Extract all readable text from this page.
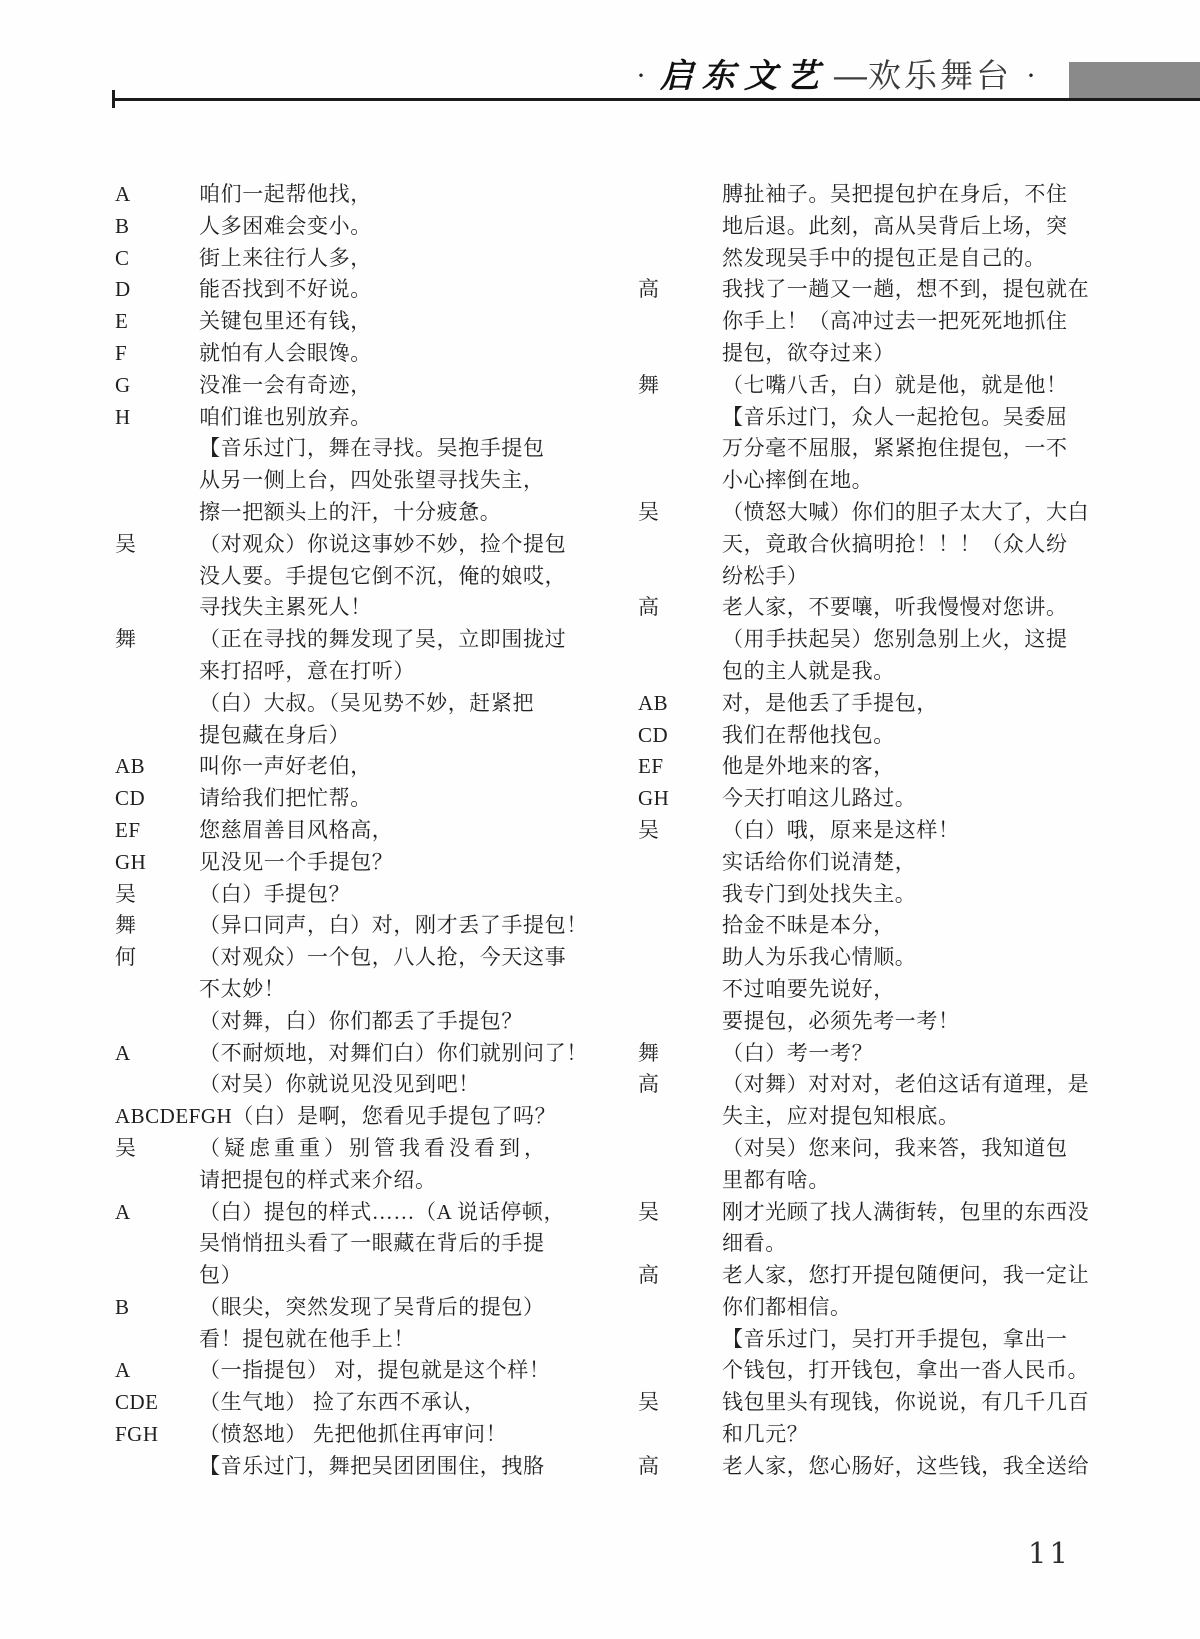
· 启东文艺 —欢乐舞台 ·
A	咱们一起帮他找，
B	人多困难会变小。
C	街上来往行人多，
D	能否找到不好说。
E	关键包里还有钱，
F	就怕有人会眼馋。
G	没准一会有奇迹，
H	咱们谁也别放弃。
【音乐过门，舞在寻找。吴抱手提包
从另一侧上台，四处张望寻找失主，
擦一把额头上的汗，十分疲惫。
吴	（对观众）你说这事妙不妙，捡个提包
没人要。手提包它倒不沉，俺的娘哎，
寻找失主累死人！
舞	（正在寻找的舞发现了吴，立即围拢过
来打招呼，意在打听）
（白）大叔。（吴见势不妙，赶紧把
提包藏在身后）
AB	叫你一声好老伯，
CD	请给我们把忙帮。
EF	您慈眉善目风格高，
GH	见没见一个手提包？
吴	（白）手提包？
舞	（异口同声，白）对，刚才丢了手提包！
何	（对观众）一个包，八人抢，今天这事
不太妙！
（对舞，白）你们都丢了手提包？
A	（不耐烦地，对舞们白）你们就别问了！
（对吴）你就说见没见到吧！
ABCDEFGH （白）是啊，您看见手提包了吗？
吴	（疑虑重重）别管我看没看到，
请把提包的样式来介绍。
A	（白）提包的样式……（A 说话停顿，
吴悄悄扭头看了一眼藏在背后的手提
包）
B	（眼尖，突然发现了吴背后的提包）
看！提包就在他手上！
A	（一指提包） 对，提包就是这个样！
CDE	（生气地） 捡了东西不承认，
FGH	（愤怒地） 先把他抓住再审问！
【音乐过门，舞把吴团团围住，拽胳
膊扯袖子。吴把提包护在身后，不住
地后退。此刻，高从吴背后上场，突
然发现吴手中的提包正是自己的。
高	我找了一趟又一趟，想不到，提包就在
你手上！（高冲过去一把死死地抓住
提包，欲夺过来）
舞	（七嘴八舌，白）就是他，就是他！
【音乐过门，众人一起抢包。吴委屈
万分毫不屈服，紧紧抱住提包，一不
小心摔倒在地。
吴	（愤怒大喊）你们的胆子太大了，大白
天，竟敢合伙搞明抢！！！（众人纷
纷松手）
高	老人家，不要嚷，听我慢慢对您讲。
（用手扶起吴）您别急别上火，这提
包的主人就是我。
AB	对，是他丢了手提包，
CD	我们在帮他找包。
EF	他是外地来的客，
GH	今天打咱这儿路过。
吴	（白）哦，原来是这样！
实话给你们说清楚，
我专门到处找失主。
拾金不昧是本分，
助人为乐我心情顺。
不过咱要先说好，
要提包，必须先考一考！
舞	（白）考一考？
高	（对舞）对对对，老伯这话有道理，是
失主，应对提包知根底。
（对吴）您来问，我来答，我知道包
里都有啥。
吴	刚才光顾了找人满街转，包里的东西没
细看。
高	老人家，您打开提包随便问，我一定让
你们都相信。
【音乐过门，吴打开手提包，拿出一
个钱包，打开钱包，拿出一沓人民币。
吴	钱包里头有现钱，你说说，有几千几百
和几元？
高	老人家，您心肠好，这些钱，我全送给
11
